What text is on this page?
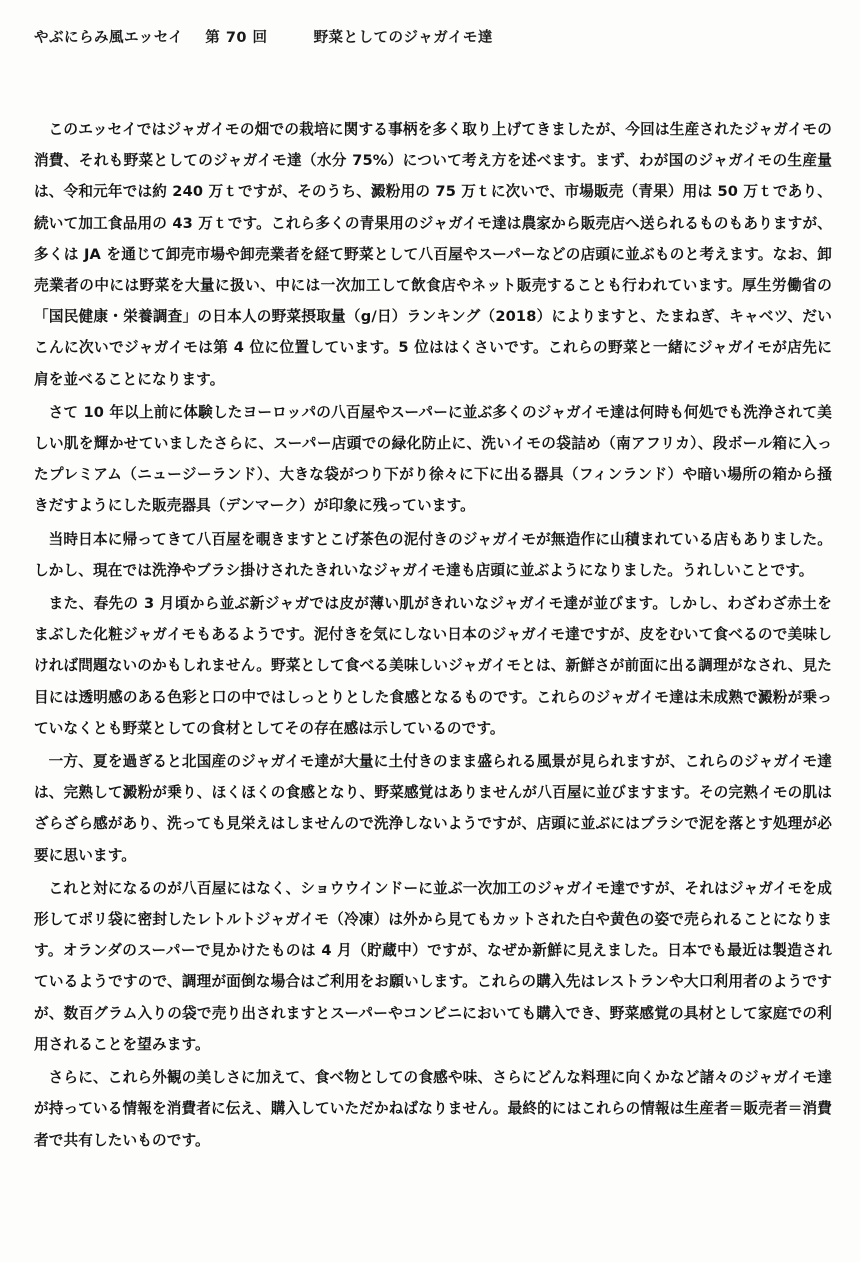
やぶにらみ風エッセイ 第 70 回	野菜としてのジャガイモ達

このエッセイではジャガイモの畑での栽培に関する事柄を多く取り上げてきましたが、今回は生産されたジャガイモの消費、それも野菜としてのジャガイモ達（水分 75%）について考え方を述べます。まず、わが国のジャガイモの生産量は、令和元年では約 240 万ｔですが、そのうち、澱粉用の 75 万ｔに次いで、市場販売（青果）用は 50 万ｔであり、続いて加工食品用の 43 万ｔです。これら多くの青果用のジャガイモ達は農家から販売店へ送られるものもありますが、多くは JA を通じて卸売市場や卸売業者を経て野菜として八百屋やスーパーなどの店頭に並ぶものと考えます。なお、卸売業者の中には野菜を大量に扱い、中には一次加工して飲食店やネット販売することも行われています。厚生労働省の「国民健康・栄養調査」の日本人の野菜摂取量（g/日）ランキング（2018）によりますと、たまねぎ、キャベツ、だいこんに次いでジャガイモは第 4 位に位置しています。5 位ははくさいです。これらの野菜と一緒にジャガイモが店先に肩を並べることになります。

さて 10 年以上前に体験したヨーロッパの八百屋やスーパーに並ぶ多くのジャガイモ達は何時も何処でも洗浄されて美しい肌を輝かせていましたさらに、スーパー店頭での緑化防止に、洗いイモの袋詰め（南アフリカ）、段ボール箱に入ったプレミアム（ニュージーランド）、大きな袋がつり下がり徐々に下に出る器具（フィンランド）や暗い場所の箱から掻きだすようにした販売器具（デンマーク）が印象に残っています。

当時日本に帰ってきて八百屋を覗きますとこげ茶色の泥付きのジャガイモが無造作に山積まれている店もありました。しかし、現在では洗浄やブラシ掛けされたきれいなジャガイモ達も店頭に並ぶようになりました。うれしいことです。

また、春先の 3 月頃から並ぶ新ジャガでは皮が薄い肌がきれいなジャガイモ達が並びます。しかし、わざわざ赤土をまぶした化粧ジャガイモもあるようです。泥付きを気にしない日本のジャガイモ達ですが、皮をむいて食べるので美味しければ問題ないのかもしれません。野菜として食べる美味しいジャガイモとは、新鮮さが前面に出る調理がなされ、見た目には透明感のある色彩と口の中ではしっとりとした食感となるものです。これらのジャガイモ達は未成熟で澱粉が乗っていなくとも野菜としての食材としてその存在感は示しているのです。

一方、夏を過ぎると北国産のジャガイモ達が大量に土付きのまま盛られる風景が見られますが、これらのジャガイモ達は、完熟して澱粉が乗り、ほくほくの食感となり、野菜感覚はありませんが八百屋に並びますます。その完熟イモの肌はざらざら感があり、洗っても見栄えはしませんので洗浄しないようですが、店頭に並ぶにはブラシで泥を落とす処理が必要に思います。

これと対になるのが八百屋にはなく、ショウウインドーに並ぶ一次加工のジャガイモ達ですが、それはジャガイモを成形してポリ袋に密封したレトルトジャガイモ（冷凍）は外から見てもカットされた白や黄色の姿で売られることになります。オランダのスーパーで見かけたものは 4 月（貯蔵中）ですが、なぜか新鮮に見えました。日本でも最近は製造されているようですので、調理が面倒な場合はご利用をお願いします。これらの購入先はレストランや大口利用者のようですが、数百グラム入りの袋で売り出されますとスーパーやコンビニにおいても購入でき、野菜感覚の具材として家庭での利用されることを望みます。

さらに、これら外観の美しさに加えて、食べ物としての食感や味、さらにどんな料理に向くかなど諸々のジャガイモ達が持っている情報を消費者に伝え、購入していただかねばなりません。最終的にはこれらの情報は生産者＝販売者＝消費者で共有したいものです。
